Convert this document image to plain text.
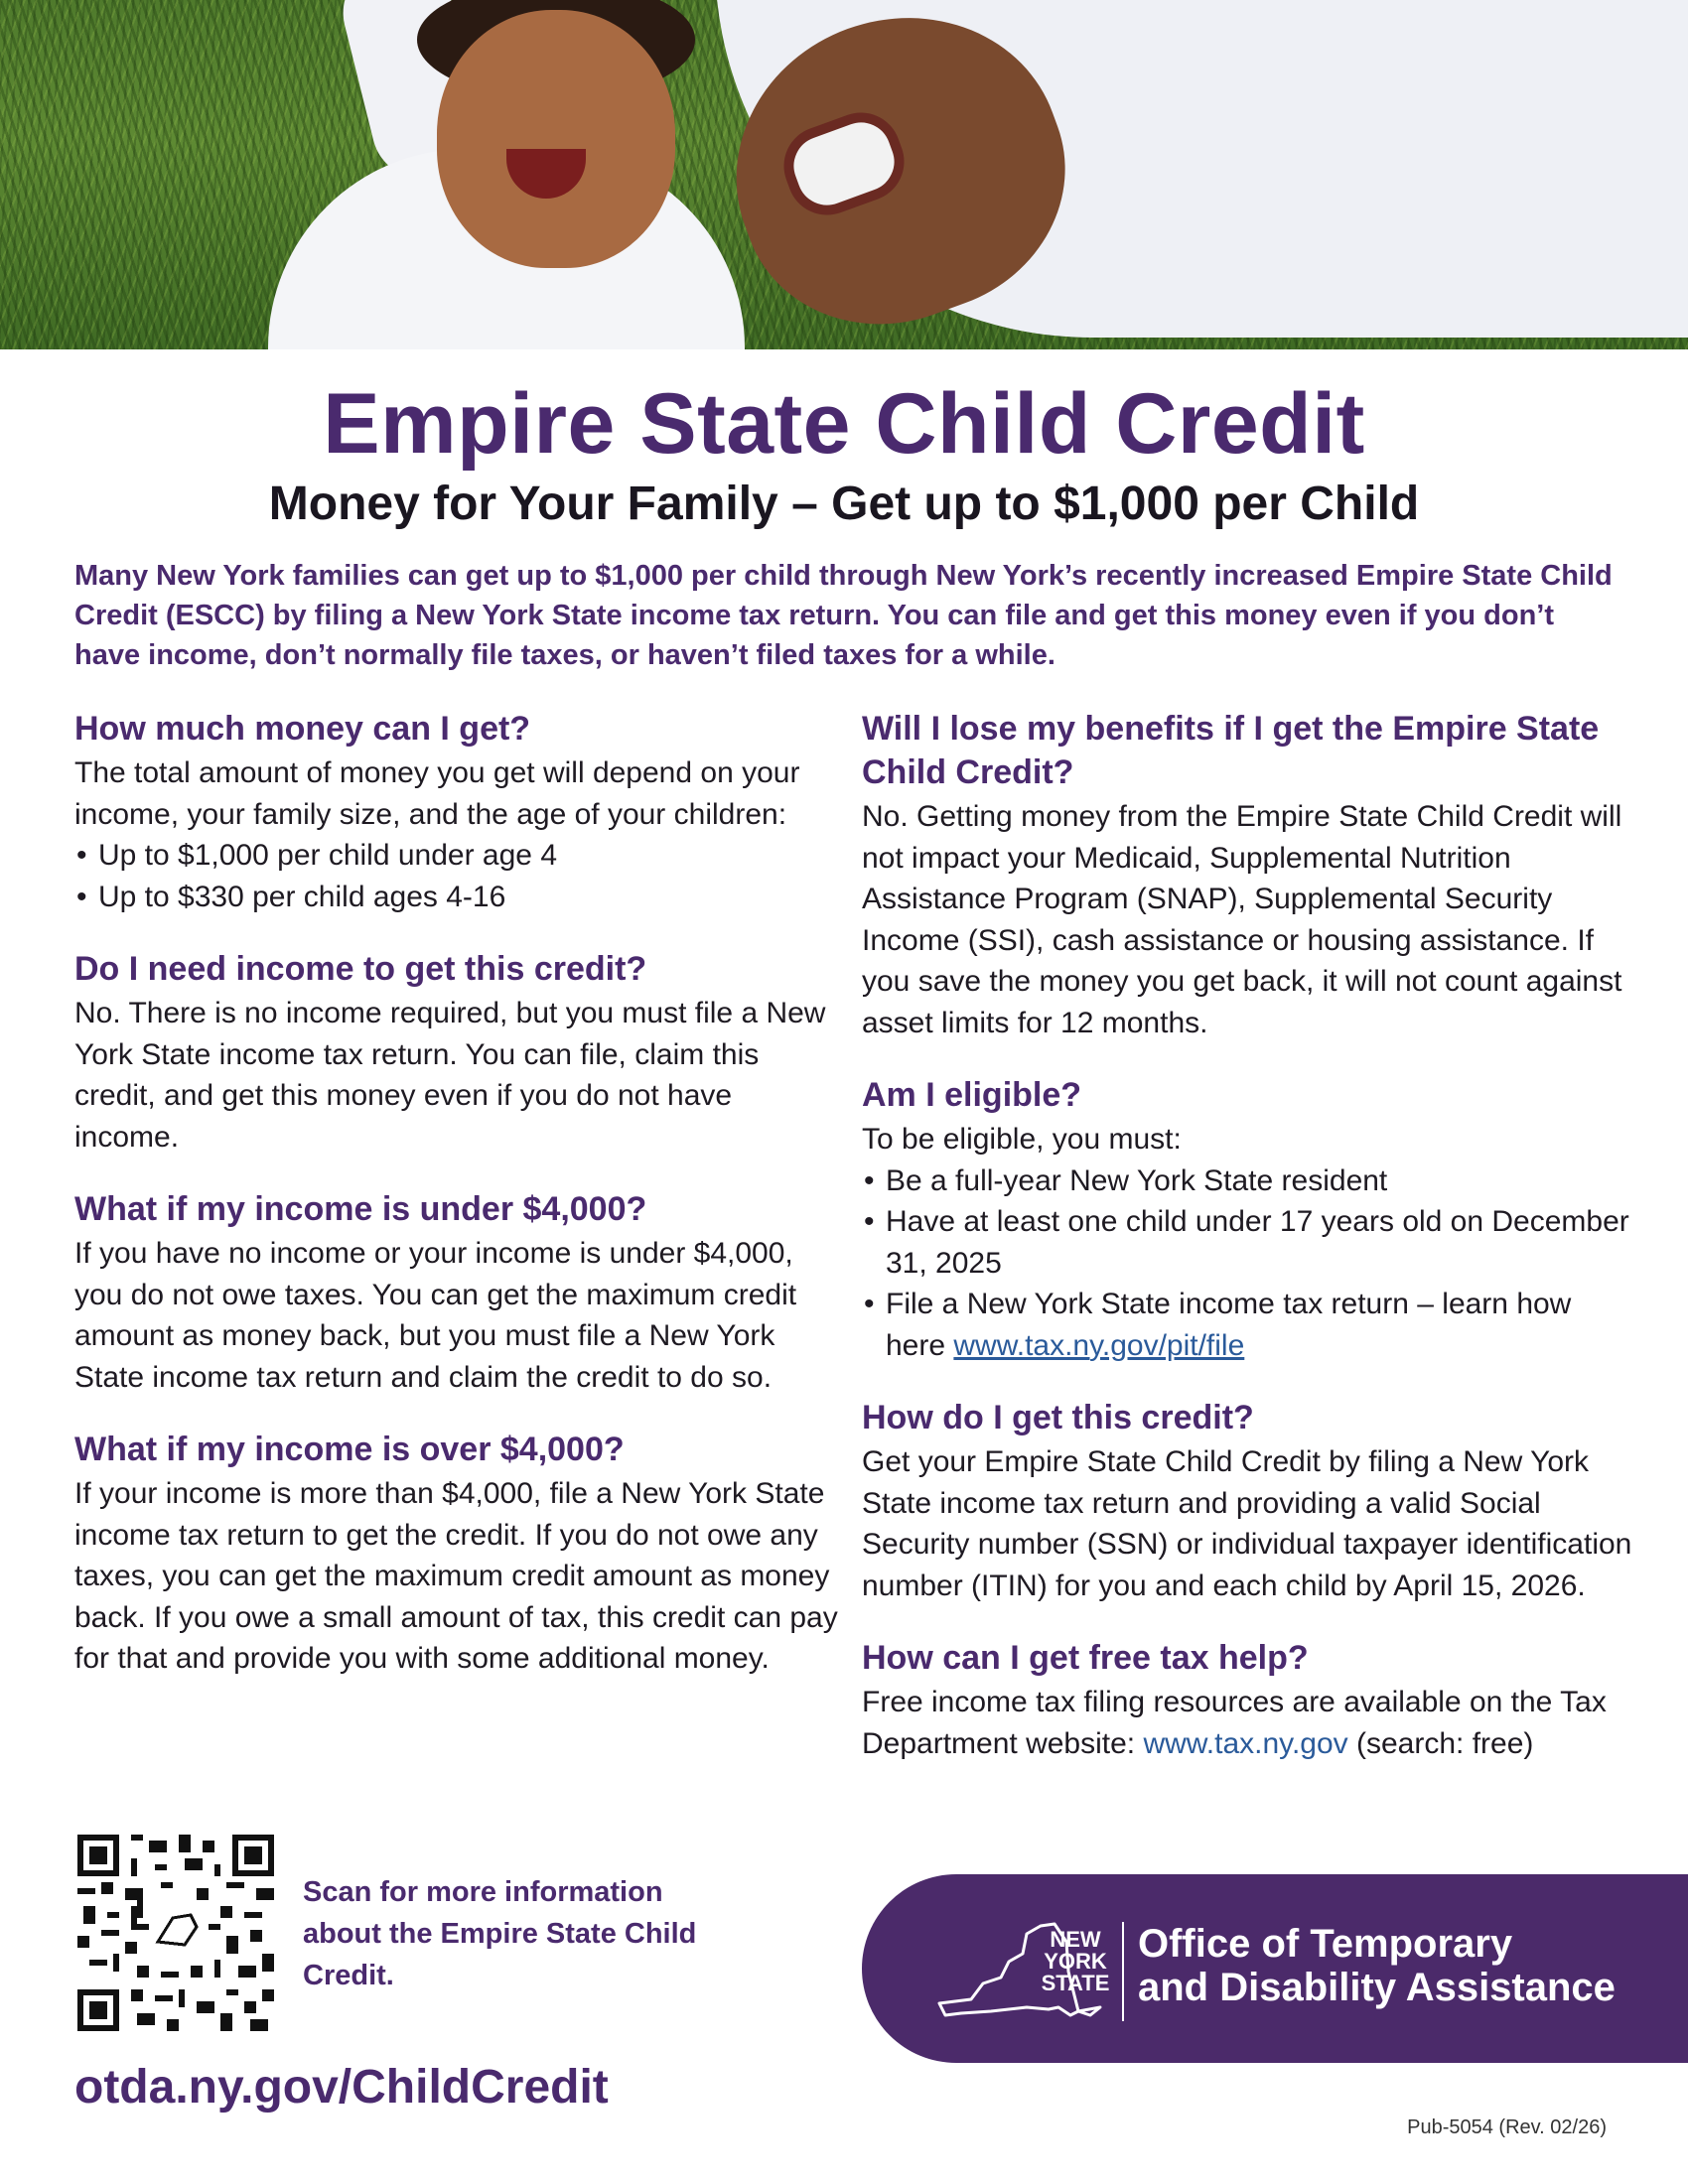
Empire State Child Credit
Money for Your Family – Get up to $1,000 per Child

Many New York families can get up to $1,000 per child through New York’s recently increased Empire State Child Credit (ESCC) by filing a New York State income tax return. You can file and get this money even if you don’t have income, don’t normally file taxes, or haven’t filed taxes for a while.

How much money can I get?

The total amount of money you get will depend on your income, your family size, and the age of your children:

• Up to $1,000 per child under age 4
• Up to $330 per child ages 4-16
Do I need income to get this credit?

No. There is no income required, but you must file a New York State income tax return. You can file, claim this credit, and get this money even if you do not have income.

What if my income is under $4,000?

If you have no income or your income is under $4,000, you do not owe taxes. You can get the maximum credit amount as money back, but you must file a New York State income tax return and claim the credit to do so.

What if my income is over $4,000?

If your income is more than $4,000, file a New York State income tax return to get the credit. If you do not owe any taxes, you can get the maximum credit amount as money back. If you owe a small amount of tax, this credit can pay for that and provide you with some additional money.

Will I lose my benefits if I get the Empire State Child Credit?

No. Getting money from the Empire State Child Credit will not impact your Medicaid, Supplemental Nutrition Assistance Program (SNAP), Supplemental Security Income (SSI), cash assistance or housing assistance. If you save the money you get back, it will not count against asset limits for 12 months.

Am I eligible?

To be eligible, you must:

• Be a full-year New York State resident
• Have at least one child under 17 years old on December 31, 2025
• File a New York State income tax return – learn how here www.tax.ny.gov/pit/file
How do I get this credit?

Get your Empire State Child Credit by filing a New York State income tax return and providing a valid Social Security number (SSN) or individual taxpayer identification number (ITIN) for you and each child by April 15, 2026.

How can I get free tax help?

Free income tax filing resources are available on the Tax Department website: www.tax.ny.gov (search: free)

Scan for more information about the Empire State Child Credit.

otda.ny.gov/ChildCredit

NEW
YORK
STATE
Office of Temporary
and Disability Assistance

Pub-5054 (Rev. 02/26)
